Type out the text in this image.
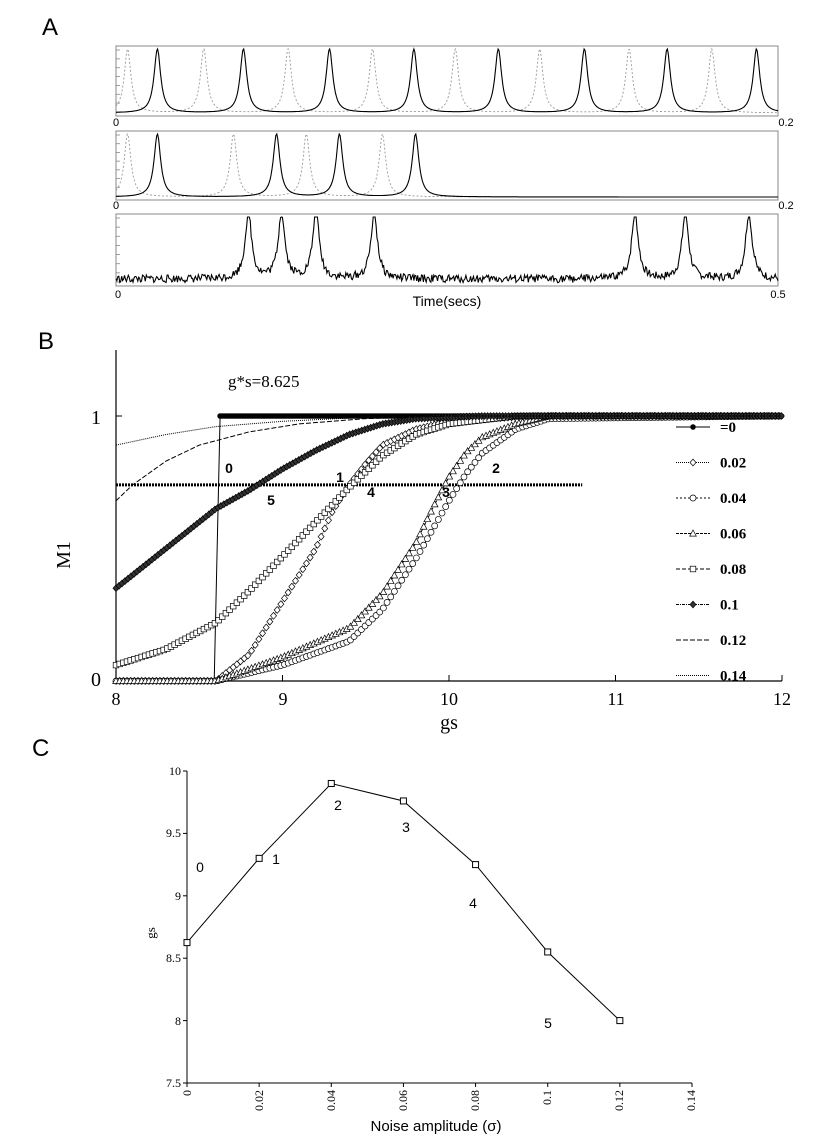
A
0	0.2
0	0.2
0	0.5
Time(secs)
B
g*s=8.625
M1
gs
0
1
8	9	10	11	12
0
1
2
3
4
5
=0
0.02
0.04
0.06
0.08
0.1
0.12
0.14
C
gs
Noise amplitude (σ)
7.5
8
8.5
9
9.5
10
0	0.02	0.04	0.06	0.08	0.1	0.12	0.14
0	1
2
3
4
5
